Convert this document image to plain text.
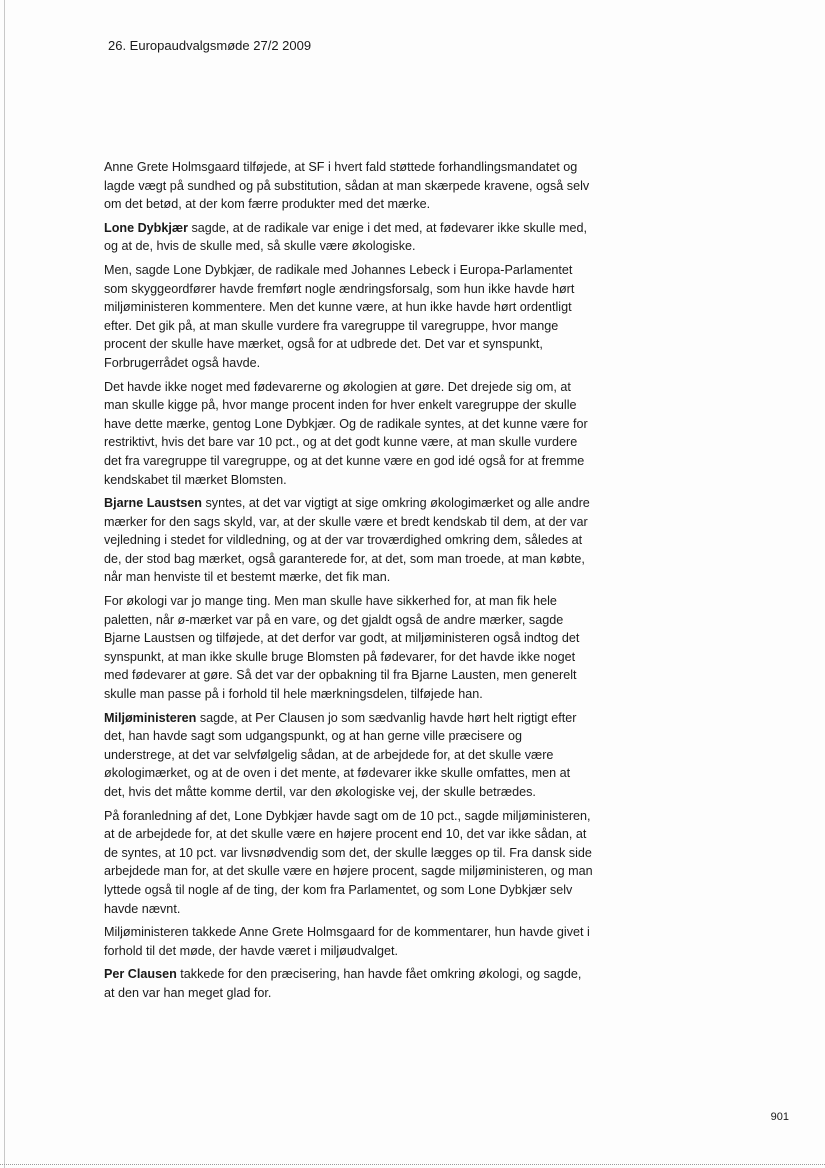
26. Europaudvalgsmøde 27/2 2009

Anne Grete Holmsgaard tilføjede, at SF i hvert fald støttede forhandlingsmandatet og lagde vægt på sundhed og på substitution, sådan at man skærpede kravene, også selv om det betød, at der kom færre produkter med det mærke.

Lone Dybkjær sagde, at de radikale var enige i det med, at fødevarer ikke skulle med, og at de, hvis de skulle med, så skulle være økologiske.

Men, sagde Lone Dybkjær, de radikale med Johannes Lebeck i Europa-Parlamentet som skyggeordfører havde fremført nogle ændringsforsalg, som hun ikke havde hørt miljøministeren kommentere. Men det kunne være, at hun ikke havde hørt ordentligt efter. Det gik på, at man skulle vurdere fra varegruppe til varegruppe, hvor mange procent der skulle have mærket, også for at udbrede det. Det var et synspunkt, Forbrugerrådet også havde.

Det havde ikke noget med fødevarerne og økologien at gøre. Det drejede sig om, at man skulle kigge på, hvor mange procent inden for hver enkelt varegruppe der skulle have dette mærke, gentog Lone Dybkjær. Og de radikale syntes, at det kunne være for restriktivt, hvis det bare var 10 pct., og at det godt kunne være, at man skulle vurdere det fra varegruppe til varegruppe, og at det kunne være en god idé også for at fremme kendskabet til mærket Blomsten.

Bjarne Laustsen syntes, at det var vigtigt at sige omkring økologimærket og alle andre mærker for den sags skyld, var, at der skulle være et bredt kendskab til dem, at der var vejledning i stedet for vildledning, og at der var troværdighed omkring dem, således at de, der stod bag mærket, også garanterede for, at det, som man troede, at man købte, når man henviste til et bestemt mærke, det fik man.

For økologi var jo mange ting. Men man skulle have sikkerhed for, at man fik hele paletten, når ø-mærket var på en vare, og det gjaldt også de andre mærker, sagde Bjarne Laustsen og tilføjede, at det derfor var godt, at miljøministeren også indtog det synspunkt, at man ikke skulle bruge Blomsten på fødevarer, for det havde ikke noget med fødevarer at gøre. Så det var der opbakning til fra Bjarne Lausten, men generelt skulle man passe på i forhold til hele mærkningsdelen, tilføjede han.

Miljøministeren sagde, at Per Clausen jo som sædvanlig havde hørt helt rigtigt efter det, han havde sagt som udgangspunkt, og at han gerne ville præcisere og understrege, at det var selvfølgelig sådan, at de arbejdede for, at det skulle være økologimærket, og at de oven i det mente, at fødevarer ikke skulle omfattes, men at det, hvis det måtte komme dertil, var den økologiske vej, der skulle betrædes.

På foranledning af det, Lone Dybkjær havde sagt om de 10 pct., sagde miljøministeren, at de arbejdede for, at det skulle være en højere procent end 10, det var ikke sådan, at de syntes, at 10 pct. var livsnødvendig som det, der skulle lægges op til. Fra dansk side arbejdede man for, at det skulle være en højere procent, sagde miljøministeren, og man lyttede også til nogle af de ting, der kom fra Parlamentet, og som Lone Dybkjær selv havde nævnt.

Miljøministeren takkede Anne Grete Holmsgaard for de kommentarer, hun havde givet i forhold til det møde, der havde været i miljøudvalget.

Per Clausen takkede for den præcisering, han havde fået omkring økologi, og sagde, at den var han meget glad for.

901
